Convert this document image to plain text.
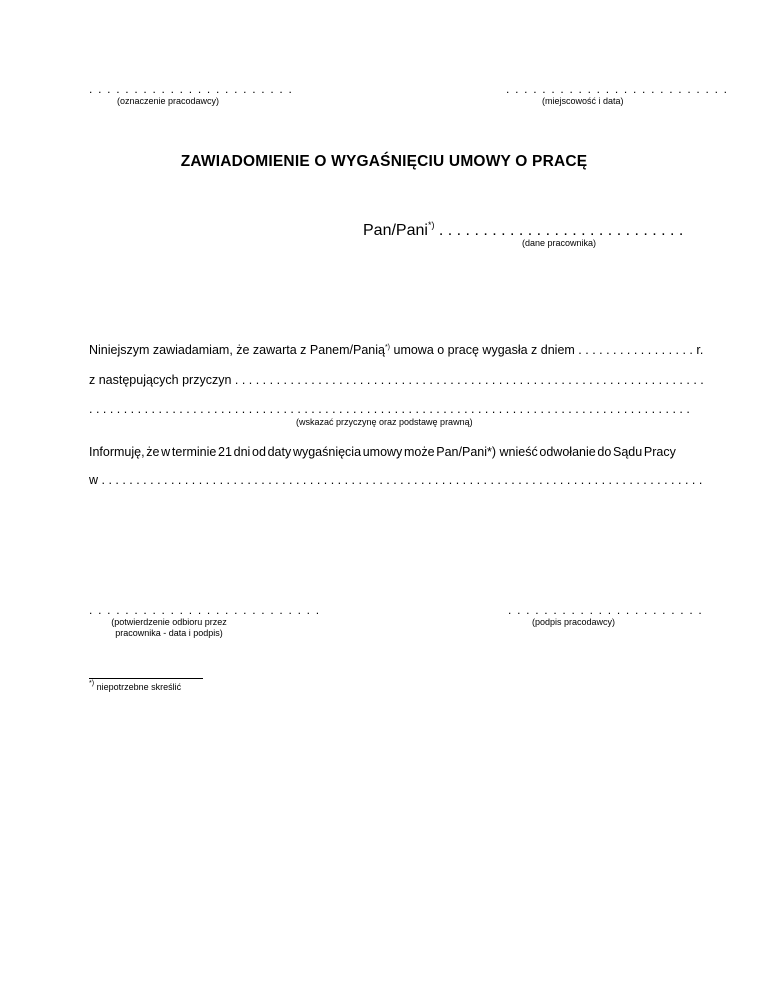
. . . . . . . . . . . . . . . . . . . . . . .
(oznaczenie pracodawcy)
. . . . . . . . . . . . . . . . . . . . . . . . .
(miejscowość i data)
ZAWIADOMIENIE O WYGAŚNIĘCIU UMOWY O PRACĘ
Pan/Pani*) . . . . . . . . . . . . . . . . . . . . . . . . . . . .
(dane pracownika)
Niniejszym zawiadamiam, że zawarta z Panem/Panią*) umowa o pracę wygasła z dniem . . . . . . . . . . . . . . . . . r.
z następujących przyczyn . . . . . . . . . . . . . . . . . . . . . . . . . . . . . . . . . . . . . . . . . . . . . . . . . . . . . . . . . . . . . . . . . . . .
. . . . . . . . . . . . . . . . . . . . . . . . . . . . . . . . . . . . . . . . . . . . . . . . . . . . . . . . . . . . . . . . . . . . . . . . . . . . . . . . . . . . . . .
(wskazać przyczynę oraz podstawę prawną)
Informuję, że w terminie 21 dni od daty wygaśnięcia umowy może Pan/Pani*) wnieść odwołanie do Sądu Pracy
w . . . . . . . . . . . . . . . . . . . . . . . . . . . . . . . . . . . . . . . . . . . . . . . . . . . . . . . . . . . . . . . . . . . . . . . . . . . . . . . . . . . . . . .
. . . . . . . . . . . . . . . . . . . . . . . . . .
(potwierdzenie odbioru przez
pracownika - data i podpis)
. . . . . . . . . . . . . . . . . . . . . .
(podpis pracodawcy)
*) niepotrzebne skreślić
